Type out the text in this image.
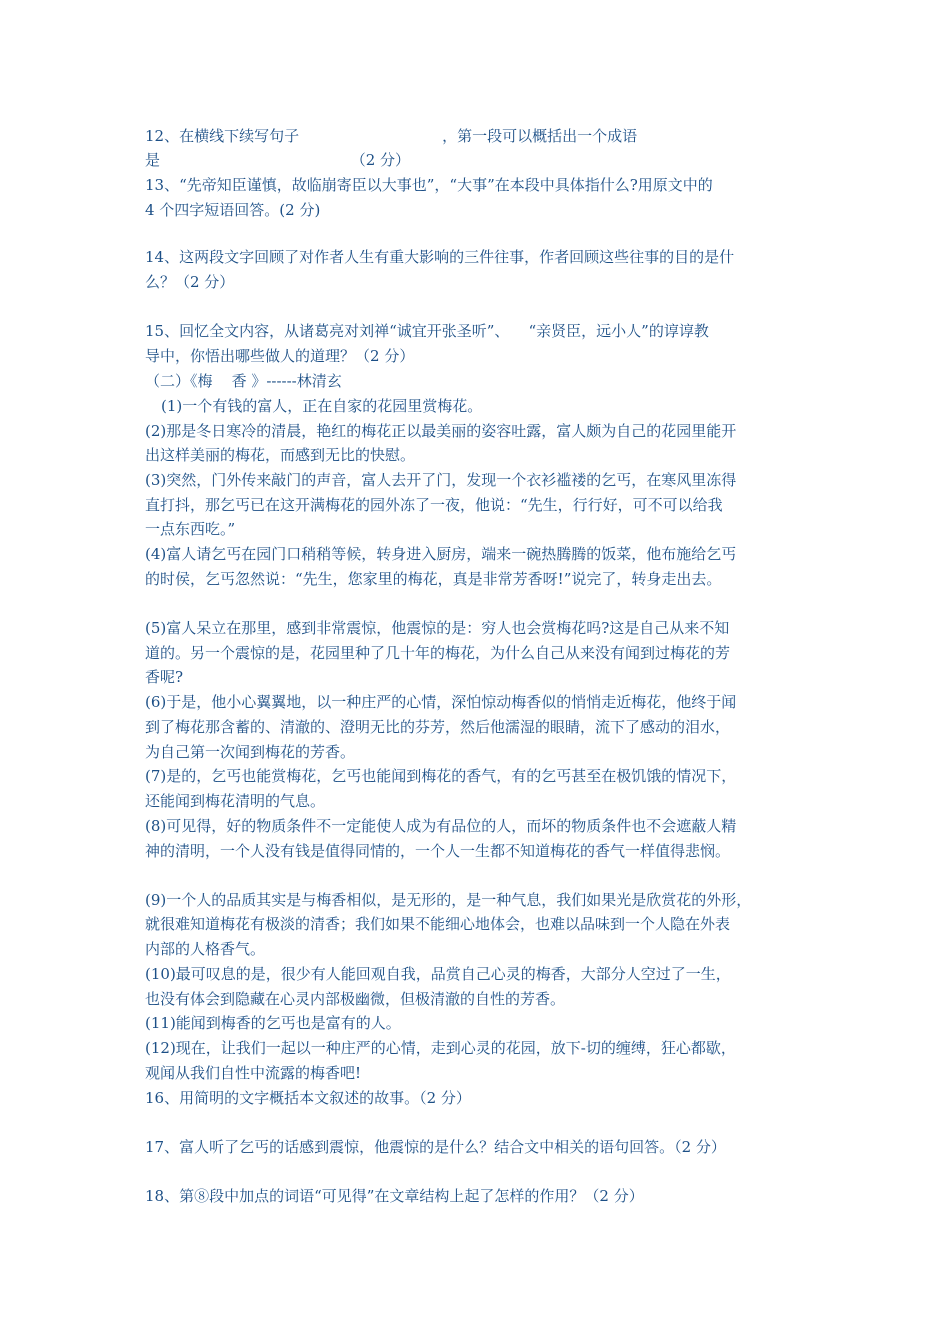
12、在横线下续写句子                              ，第一段可以概括出一个成语
是                                        （2 分）
13、“先帝知臣谨慎，故临崩寄臣以大事也”，“大事”在本段中具体指什么?用原文中的
4 个四字短语回答。(2 分)
14、这两段文字回顾了对作者人生有重大影响的三件往事，作者回顾这些往事的目的是什
么？（2 分）
15、回忆全文内容，从诸葛亮对刘禅“诚宜开张圣听”、    “亲贤臣，远小人”的谆谆教
导中，你悟出哪些做人的道理？（2 分）
（二）《梅    香 》------林清玄
(1)一个有钱的富人，正在自家的花园里赏梅花。
(2)那是冬日寒冷的清晨，艳红的梅花正以最美丽的姿容吐露，富人颇为自己的花园里能开
出这样美丽的梅花，而感到无比的快慰。
(3)突然，门外传来敲门的声音，富人去开了门，发现一个衣衫褴褛的乞丐，在寒风里冻得
直打抖，那乞丐已在这开满梅花的园外冻了一夜，他说：“先生，行行好，可不可以给我
一点东西吃。”
(4)富人请乞丐在园门口稍稍等候，转身进入厨房，端来一碗热腾腾的饭菜，他布施给乞丐
的时侯，乞丐忽然说：“先生，您家里的梅花，真是非常芳香呀!”说完了，转身走出去。
(5)富人呆立在那里，感到非常震惊，他震惊的是：穷人也会赏梅花吗?这是自己从来不知
道的。另一个震惊的是，花园里种了几十年的梅花，为什么自己从来没有闻到过梅花的芳
香呢?
(6)于是，他小心翼翼地，以一种庄严的心情，深怕惊动梅香似的悄悄走近梅花，他终于闻
到了梅花那含蓄的、清澈的、澄明无比的芬芳，然后他濡湿的眼睛，流下了感动的泪水，
为自己第一次闻到梅花的芳香。
(7)是的，乞丐也能赏梅花，乞丐也能闻到梅花的香气，有的乞丐甚至在极饥饿的情况下，
还能闻到梅花清明的气息。
(8)可见得，好的物质条件不一定能使人成为有品位的人，而坏的物质条件也不会遮蔽人精
神的清明，一个人没有钱是值得同情的，一个人一生都不知道梅花的香气一样值得悲悯。
(9)一个人的品质其实是与梅香相似，是无形的，是一种气息，我们如果光是欣赏花的外形，
就很难知道梅花有极淡的清香；我们如果不能细心地体会，也难以品味到一个人隐在外表
内部的人格香气。
(10)最可叹息的是，很少有人能回观自我，品赏自己心灵的梅香，大部分人空过了一生，
也没有体会到隐藏在心灵内部极幽微，但极清澈的自性的芳香。
(11)能闻到梅香的乞丐也是富有的人。
(12)现在，让我们一起以一种庄严的心情，走到心灵的花园，放下-切的缠缚，狂心都歇，
观闻从我们自性中流露的梅香吧!
16、用简明的文字概括本文叙述的故事。（2 分）
17、富人听了乞丐的话感到震惊，他震惊的是什么？结合文中相关的语句回答。（2 分）
18、第⑧段中加点的词语“可见得”在文章结构上起了怎样的作用？（2 分）
